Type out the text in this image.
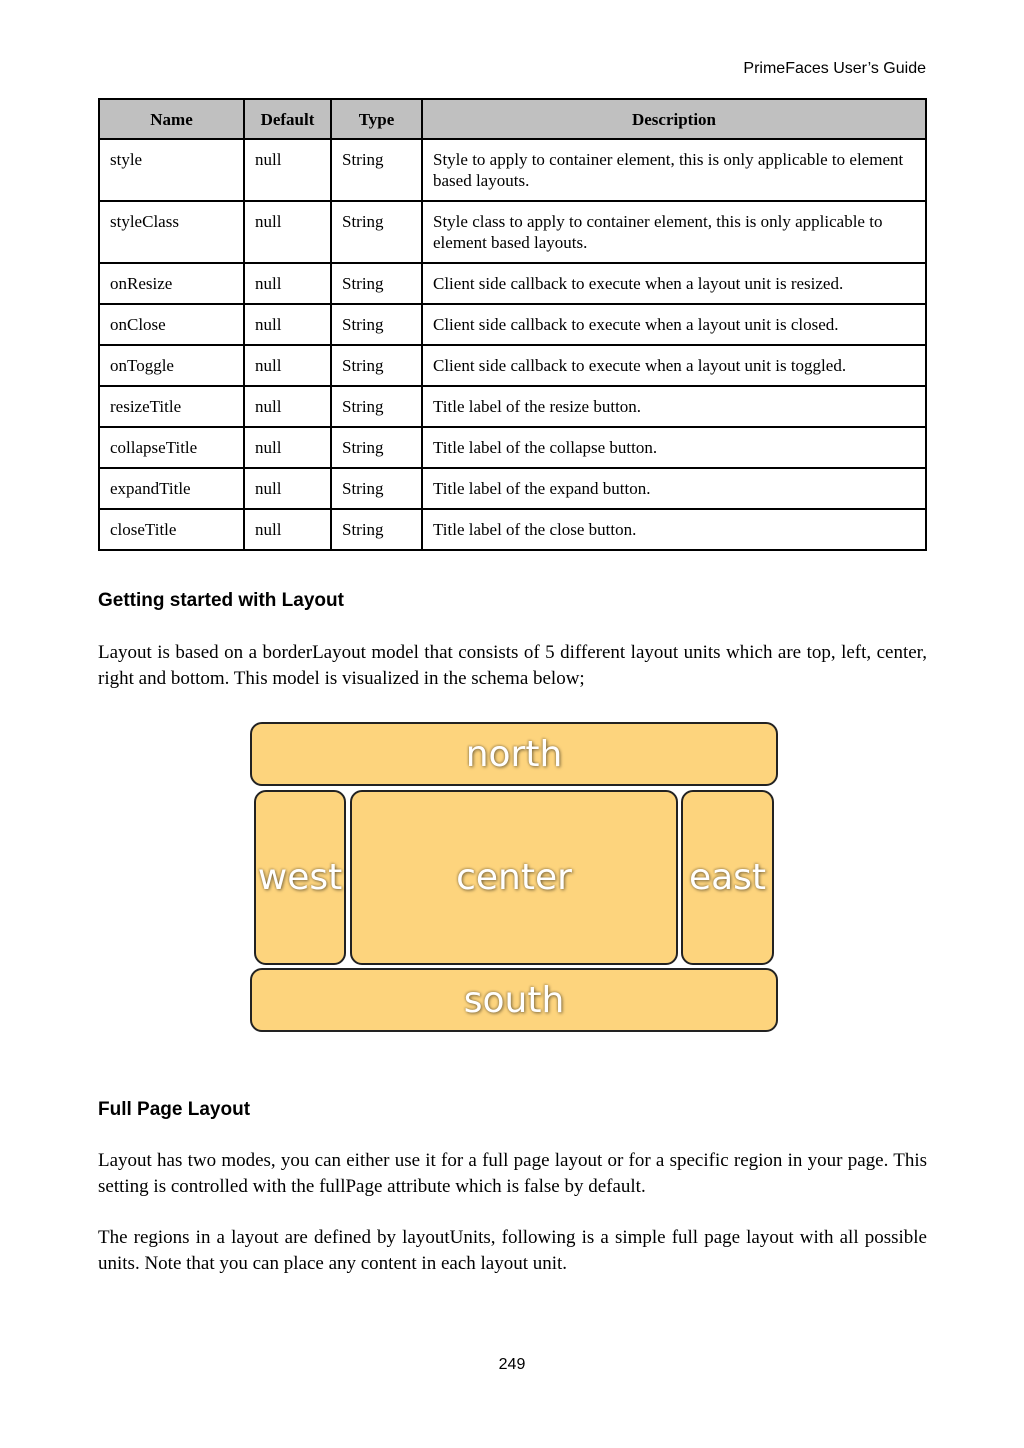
PrimeFaces User’s Guide
Name	Default	Type	Description
style	null	String	Style to apply to container element, this is only applicable to element based layouts.
styleClass	null	String	Style class to apply to container element, this is only applicable to element based layouts.
onResize	null	String	Client side callback to execute when a layout unit is resized.
onClose	null	String	Client side callback to execute when a layout unit is closed.
onToggle	null	String	Client side callback to execute when a layout unit is toggled.
resizeTitle	null	String	Title label of the resize button.
collapseTitle	null	String	Title label of the collapse button.
expandTitle	null	String	Title label of the expand button.
closeTitle	null	String	Title label of the close button.
Getting started with Layout

Layout is based on a borderLayout model that consists of 5 different layout units which are top, left, center, right and bottom. This model is visualized in the schema below;

north
west	center	east
south
Full Page Layout

Layout has two modes, you can either use it for a full page layout or for a specific region in your page. This setting is controlled with the fullPage attribute which is false by default.

The regions in a layout are defined by layoutUnits, following is a simple full page layout with all possible units. Note that you can place any content in each layout unit.

249
